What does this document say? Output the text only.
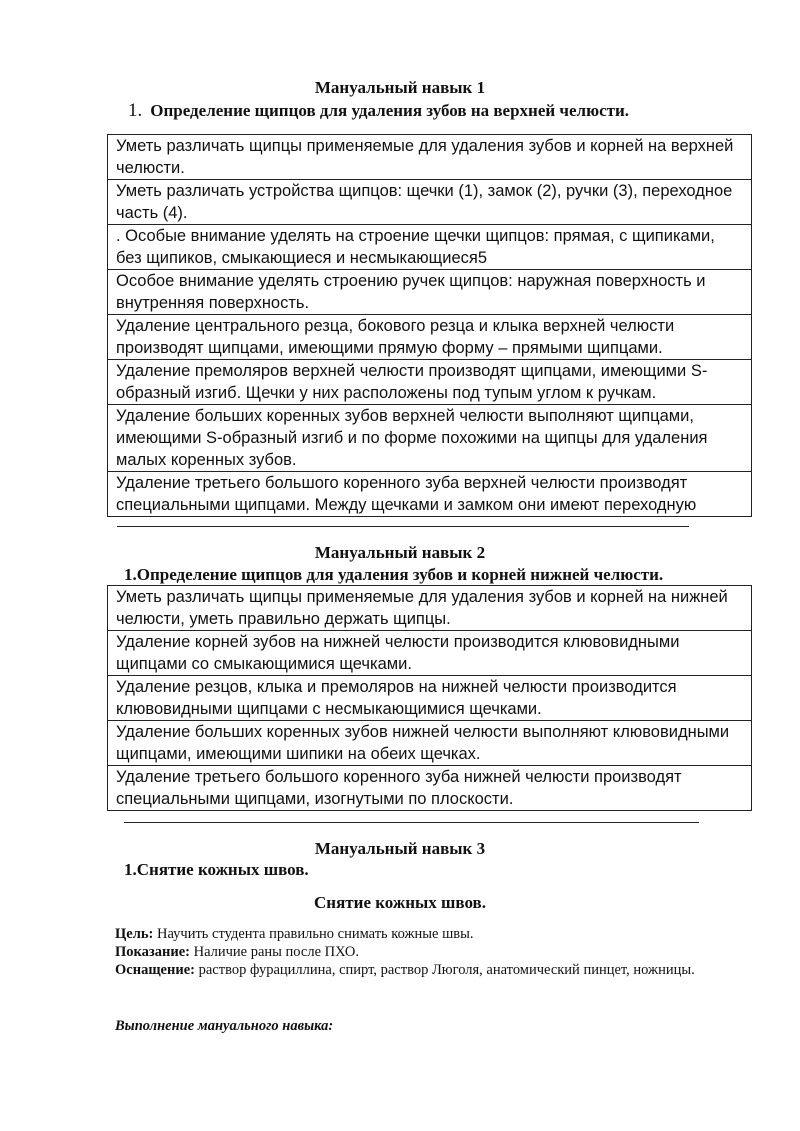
Мануальный навык 1
1. Определение щипцов для удаления зубов на верхней челюсти.
Уметь различать щипцы применяемые для удаления зубов и корней на верхней челюсти.
Уметь различать устройства щипцов: щечки (1), замок (2), ручки (3), переходное часть (4).
. Особые внимание уделять на строение щечки щипцов: прямая, с щипиками, без щипиков, смыкающиеся и несмыкающиеся5
Особое внимание уделять строению ручек щипцов: наружная поверхность и внутренняя поверхность.
Удаление центрального резца, бокового резца и клыка верхней челюсти производят щипцами, имеющими прямую форму – прямыми щипцами.
Удаление премоляров верхней челюсти производят щипцами, имеющими S-образный изгиб. Щечки у них расположены под тупым углом к ручкам.
Удаление больших коренных зубов верхней челюсти выполняют щипцами, имеющими S-образный изгиб и по форме похожими на щипцы для удаления малых коренных зубов.
Удаление третьего большого коренного зуба верхней челюсти производят специальными щипцами. Между щечками и замком они имеют переходную
Мануальный навык 2
1.Определение щипцов для удаления зубов и корней нижней челюсти.
Уметь различать щипцы применяемые для удаления зубов и корней на нижней челюсти, уметь правильно держать щипцы.
Удаление корней зубов на нижней челюсти производится клювовидными щипцами со смыкающимися щечками.
Удаление резцов, клыка и премоляров на нижней челюсти производится клювовидными щипцами с несмыкающимися щечками.
Удаление больших коренных зубов нижней челюсти выполняют клювовидными щипцами, имеющими шипики на обеих щечках.
Удаление третьего большого коренного зуба нижней челюсти производят специальными щипцами, изогнутыми по плоскости.
Мануальный навык 3
1.Снятие кожных швов.
Снятие кожных швов.
Цель: Научить студента правильно снимать кожные швы.
Показание: Наличие раны после ПХО.
Оснащение: раствор фурациллина, спирт, раствор Люголя, анатомический пинцет, ножницы.
Выполнение мануального навыка:
